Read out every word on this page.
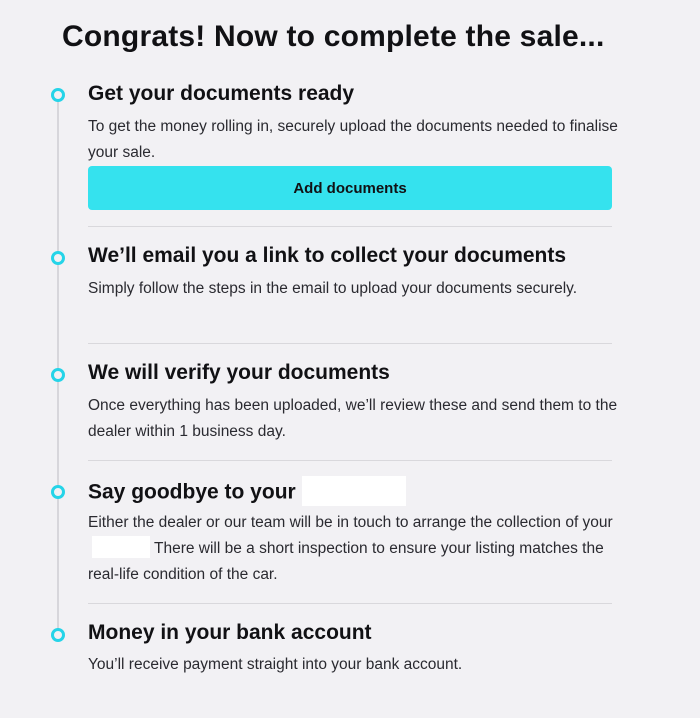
Congrats! Now to complete the sale...
Get your documents ready

To get the money rolling in, securely upload the documents needed to finalise your sale.

Add documents
We’ll email you a link to collect your documents

Simply follow the steps in the email to upload your documents securely.

We will verify your documents

Once everything has been uploaded, we’ll review these and send them to the dealer within 1 business day.

Say goodbye to your

Either the dealer or our team will be in touch to arrange the collection of yourThere will be a short inspection to ensure your listing matches the real-life condition of the car.

Money in your bank account

You’ll receive payment straight into your bank account.
